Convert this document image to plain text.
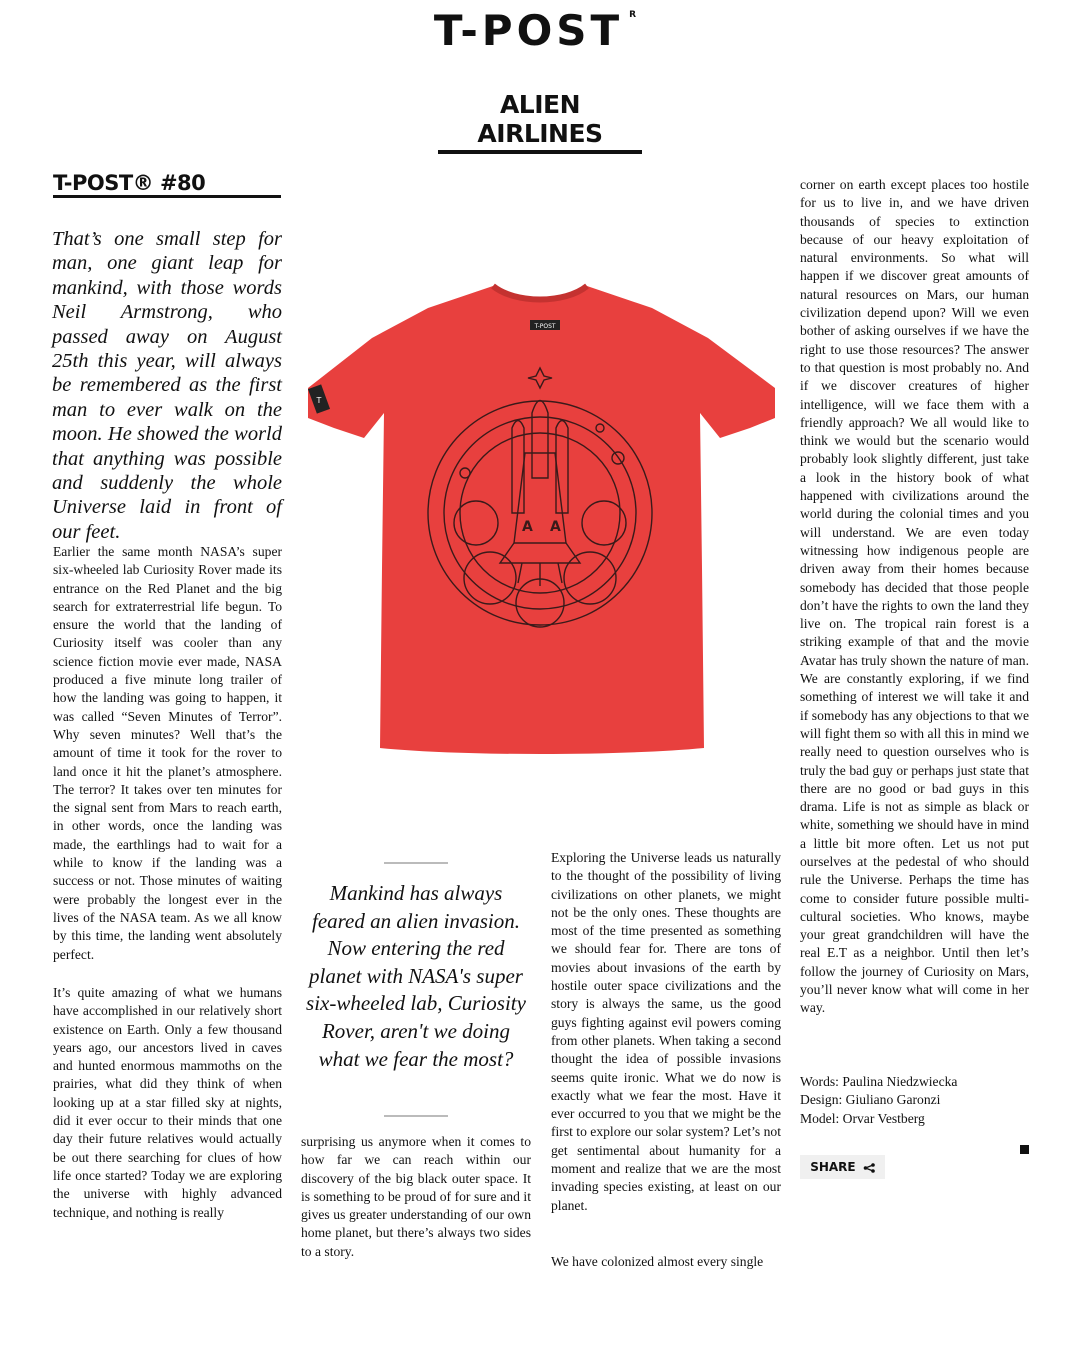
T-POST $^R$
ALIEN AIRLINES
T-POST® #80
That’s one small step for man, one giant leap for mankind, with those words Neil Armstrong, who passed away on August 25th this year, will always be remembered as the first man to ever walk on the moon. He showed the world that anything was possible and suddenly the whole Universe laid in front of our feet.
Earlier the same month NASA’s super six-wheeled lab Curiosity Rover made its entrance on the Red Planet and the big search for extraterrestrial life begun. To ensure the world that the landing of Curiosity itself was cooler than any science fiction movie ever made, NASA produced a five minute long trailer of how the landing was going to happen, it was called “Seven Minutes of Terror”. Why seven minutes? Well that’s the amount of time it took for the rover to land once it hit the planet’s atmosphere. The terror? It takes over ten minutes for the signal sent from Mars to reach earth, in other words, once the landing was made, the earthlings had to wait for a while to know if the landing was a success or not. Those minutes of waiting were probably the longest ever in the lives of the NASA team. As we all know by this time, the landing went absolutely perfect.
It’s quite amazing of what we humans have accomplished in our relatively short existence on Earth. Only a few thousand years ago, our ancestors lived in caves and hunted enormous mammoths on the prairies, what did they think of when looking up at a star filled sky at nights, did it ever occur to their minds that one day their future relatives would actually be out there searching for clues of how life once started? Today we are exploring the universe with highly advanced technique, and nothing is really
T-POST
T
A A
Mankind has always feared an alien invasion. Now entering the red planet with NASA's super six-wheeled lab, Curiosity Rover, aren't we doing what we fear the most?
surprising us anymore when it comes to how far we can reach within our discovery of the big black outer space. It is something to be proud of for sure and it gives us greater understanding of our own home planet, but there’s always two sides to a story.
Exploring the Universe leads us naturally to the thought of the possibility of living civilizations on other planets, we might not be the only ones. These thoughts are most of the time presented as something we should fear for. There are tons of movies about invasions of the earth by hostile outer space civilizations and the story is always the same, us the good guys fighting against evil powers coming from other planets. When taking a second thought the idea of possible invasions seems quite ironic. What we do now is exactly what we fear the most. Have it ever occurred to you that we might be the first to explore our solar system? Let’s not get sentimental about humanity for a moment and realize that we are the most invading species existing, at least on our planet.
We have colonized almost every single
corner on earth except places too hostile for us to live in, and we have driven thousands of species to extinction because of our heavy exploitation of natural environments. So what will happen if we discover great amounts of natural resources on Mars, our human civilization depend upon? Will we even bother of asking ourselves if we have the right to use those resources? The answer to that question is most probably no. And if we discover creatures of higher intelligence, will we face them with a friendly approach? We all would like to think we would but the scenario would probably look slightly different, just take a look in the history book of what happened with civilizations around the world during the colonial times and you will understand. We are even today witnessing how indigenous people are driven away from their homes because somebody has decided that those people don’t have the rights to own the land they live on. The tropical rain forest is a striking example of that and the movie Avatar has truly shown the nature of man. We are constantly exploring, if we find something of interest we will take it and if somebody has any objections to that we will fight them so with all this in mind we really need to question ourselves who is truly the bad guy or perhaps just state that there are no good or bad guys in this drama. Life is not as simple as black or white, something we should have in mind a little bit more often. Let us not put ourselves at the pedestal of who should rule the Universe. Perhaps the time has come to consider future possible multi-cultural societies. Who knows, maybe your great grandchildren will have the real E.T as a neighbor. Until then let’s follow the journey of Curiosity on Mars, you’ll never know what will come in her way.
Words: Paulina Niedzwiecka
Design: Giuliano Garonzi
Model: Orvar Vestberg
SHARE
